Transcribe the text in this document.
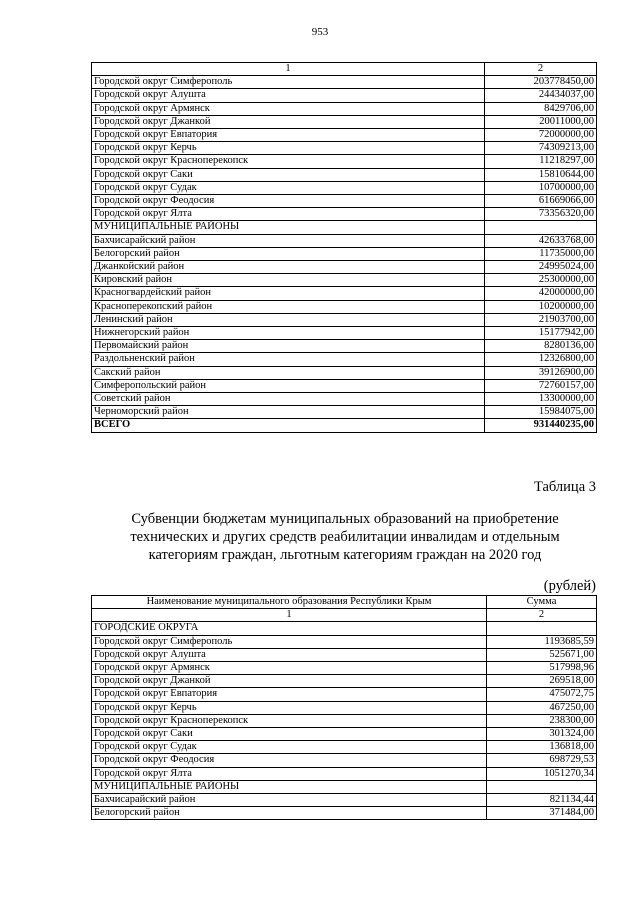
953
1	2
Городской округ Симферополь	203778450,00
Городской округ Алушта	24434037,00
Городской округ Армянск	8429706,00
Городской округ Джанкой	20011000,00
Городской округ Евпатория	72000000,00
Городской округ Керчь	74309213,00
Городской округ Красноперекопск	11218297,00
Городской округ Саки	15810644,00
Городской округ Судак	10700000,00
Городской округ Феодосия	61669066,00
Городской округ Ялта	73356320,00
МУНИЦИПАЛЬНЫЕ РАЙОНЫ	
Бахчисарайский район	42633768,00
Белогорский район	11735000,00
Джанкойский район	24995024,00
Кировский район	25300000,00
Красногвардейский район	42000000,00
Красноперекопский район	10200000,00
Ленинский район	21903700,00
Нижнегорский район	15177942,00
Первомайский район	8280136,00
Раздольненский район	12326800,00
Сакский район	39126900,00
Симферопольский район	72760157,00
Советский район	13300000,00
Черноморский район	15984075,00
ВСЕГО	931440235,00
Таблица 3
Субвенции бюджетам муниципальных образований на приобретение технических и других средств реабилитации инвалидам и отдельным категориям граждан, льготным категориям граждан на 2020 год
(рублей)
Наименование муниципального образования Республики Крым	Сумма
1	2
ГОРОДСКИЕ ОКРУГА	
Городской округ Симферополь	1193685,59
Городской округ Алушта	525671,00
Городской округ Армянск	517998,96
Городской округ Джанкой	269518,00
Городской округ Евпатория	475072,75
Городской округ Керчь	467250,00
Городской округ Красноперекопск	238300,00
Городской округ Саки	301324,00
Городской округ Судак	136818,00
Городской округ Феодосия	698729,53
Городской округ Ялта	1051270,34
МУНИЦИПАЛЬНЫЕ РАЙОНЫ	
Бахчисарайский район	821134,44
Белогорский район	371484,00
